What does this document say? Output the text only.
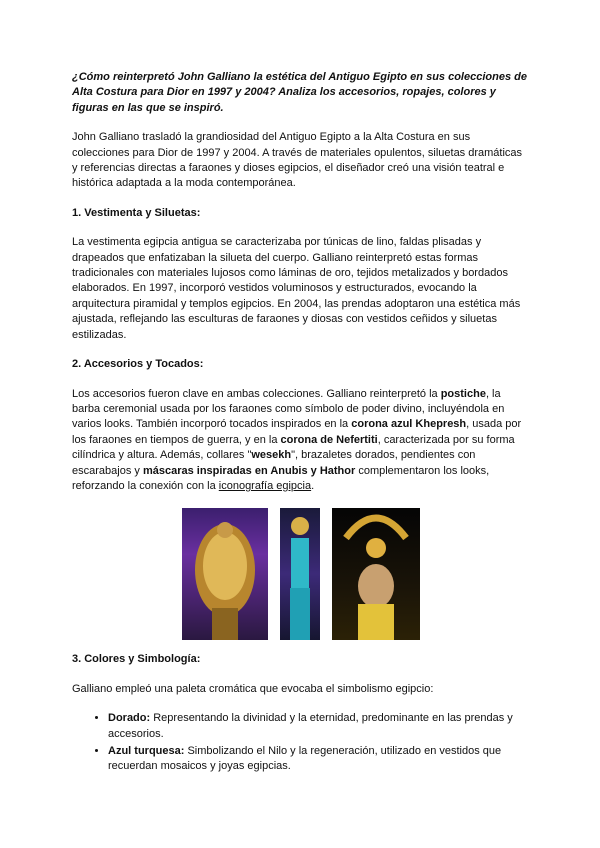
¿Cómo reinterpretó John Galliano la estética del Antiguo Egipto en sus colecciones de Alta Costura para Dior en 1997 y 2004? Analiza los accesorios, ropajes, colores y figuras en las que se inspiró.

John Galliano trasladó la grandiosidad del Antiguo Egipto a la Alta Costura en sus colecciones para Dior de 1997 y 2004. A través de materiales opulentos, siluetas dramáticas y referencias directas a faraones y dioses egipcios, el diseñador creó una visión teatral e histórica adaptada a la moda contemporánea.

1. Vestimenta y Siluetas:

La vestimenta egipcia antigua se caracterizaba por túnicas de lino, faldas plisadas y drapeados que enfatizaban la silueta del cuerpo. Galliano reinterpretó estas formas tradicionales con materiales lujosos como láminas de oro, tejidos metalizados y bordados elaborados. En 1997, incorporó vestidos voluminosos y estructurados, evocando la arquitectura piramidal y templos egipcios. En 2004, las prendas adoptaron una estética más ajustada, reflejando las esculturas de faraones y diosas con vestidos ceñidos y siluetas estilizadas.

2. Accesorios y Tocados:

Los accesorios fueron clave en ambas colecciones. Galliano reinterpretó la postiche, la barba ceremonial usada por los faraones como símbolo de poder divino, incluyéndola en varios looks. También incorporó tocados inspirados en la corona azul Khepresh, usada por los faraones en tiempos de guerra, y en la corona de Nefertiti, caracterizada por su forma cilíndrica y altura. Además, collares "wesekh", brazaletes dorados, pendientes con escarabajos y máscaras inspiradas en Anubis y Hathor complementaron los looks, reforzando la conexión con la iconografía egipcia.

3. Colores y Simbología:

Galliano empleó una paleta cromática que evocaba el simbolismo egipcio:

• Dorado: Representando la divinidad y la eternidad, predominante en las prendas y accesorios.
• Azul turquesa: Simbolizando el Nilo y la regeneración, utilizado en vestidos que recuerdan mosaicos y joyas egipcias.
